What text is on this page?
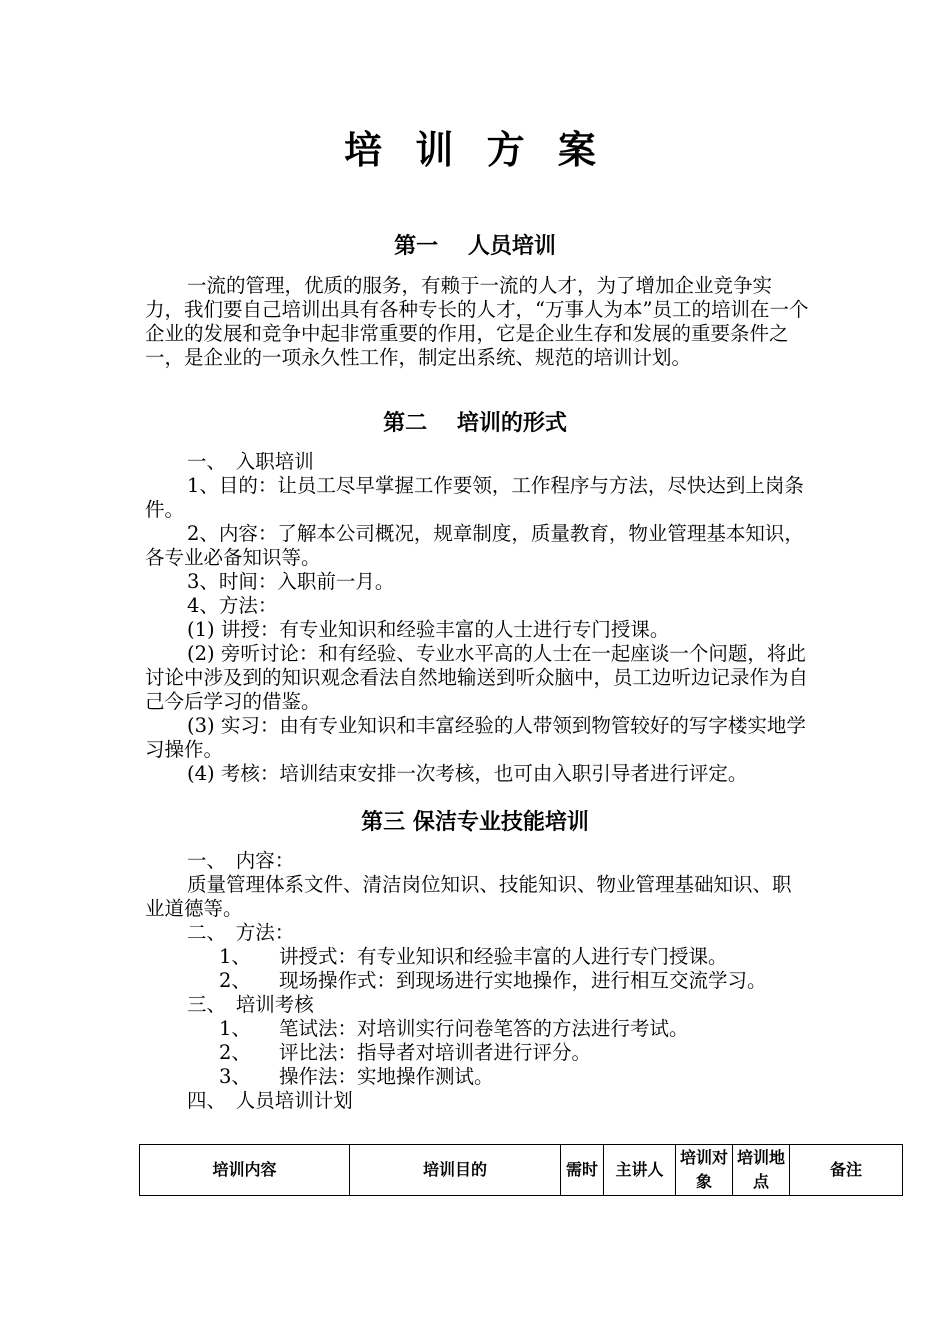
培 训 方 案
第一　 人员培训

一流的管理，优质的服务，有赖于一流的人才，为了增加企业竞争实力，我们要自己培训出具有各种专长的人才，“万事人为本”员工的培训在一个企业的发展和竞争中起非常重要的作用，它是企业生存和发展的重要条件之一，是企业的一项永久性工作，制定出系统、规范的培训计划。

第二　 培训的形式

一、　入职培训

1、目的：让员工尽早掌握工作要领，工作程序与方法，尽快达到上岗条件。

2、内容：了解本公司概况，规章制度，质量教育，物业管理基本知识，各专业必备知识等。

3、时间：入职前一月。

4、方法：

(1) 讲授：有专业知识和经验丰富的人士进行专门授课。

(2) 旁听讨论：和有经验、专业水平高的人士在一起座谈一个问题，将此讨论中涉及到的知识观念看法自然地输送到听众脑中，员工边听边记录作为自己今后学习的借鉴。

(3) 实习：由有专业知识和丰富经验的人带领到物管较好的写字楼实地学习操作。

(4) 考核：培训结束安排一次考核，也可由入职引导者进行评定。

第三 保洁专业技能培训

一、　内容：

质量管理体系文件、清洁岗位知识、技能知识、物业管理基础知识、职业道德等。

二、　方法：

1、	讲授式：有专业知识和经验丰富的人进行专门授课。
2、	现场操作式：到现场进行实地操作，进行相互交流学习。

三、　培训考核

1、	笔试法：对培训实行问卷笔答的方法进行考试。
2、	评比法：指导者对培训者进行评分。
3、	操作法：实地操作测试。

四、　人员培训计划

培训内容	培训目的	需时	主讲人	培训对象	培训地点	备注
